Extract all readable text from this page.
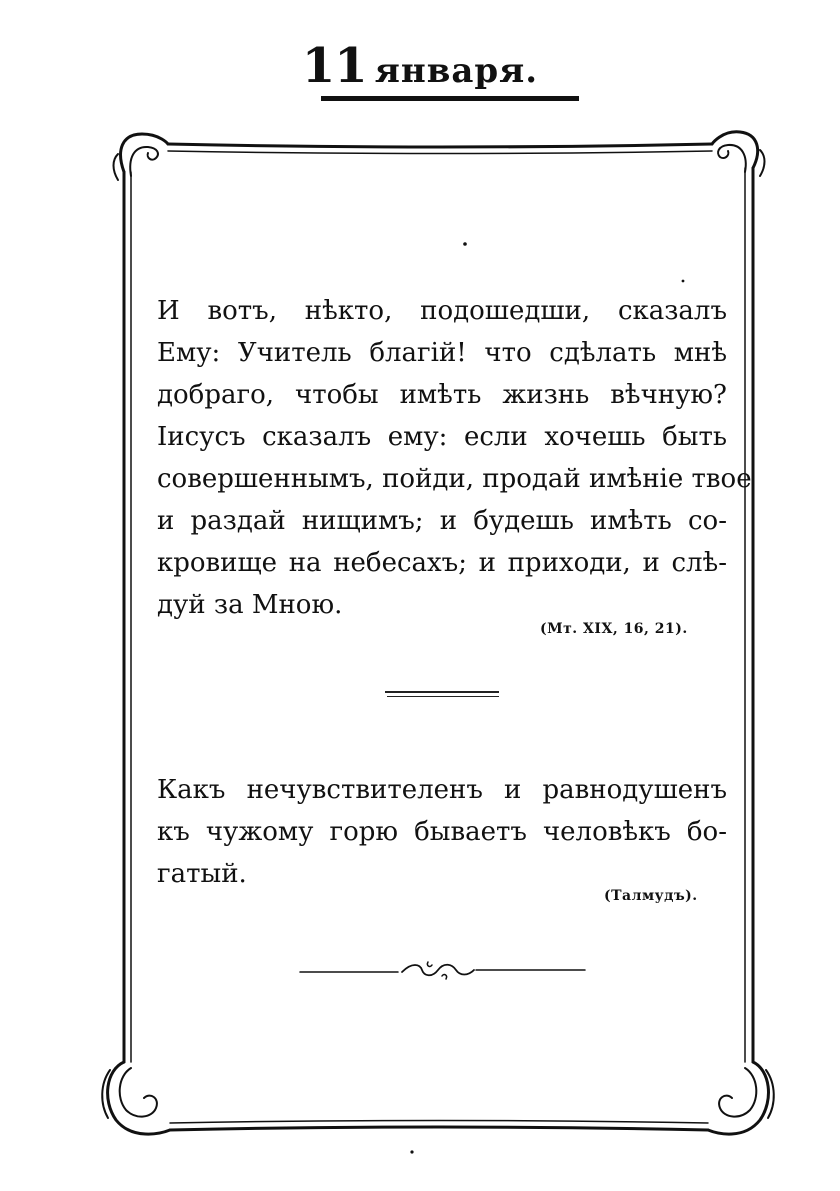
11 января.
И вотъ, нѣкто, подошедши, сказалъ
Ему: Учитель благій! что сдѣлать мнѣ
добраго, чтобы имѣть жизнь вѣчную?
Іисусъ сказалъ ему: если хочешь быть
совершеннымъ, пойди, продай имѣніе твое
и раздай нищимъ; и будешь имѣть со-
кровище на небесахъ; и приходи, и слѣ-
дуй за Мною.
(Мт. XIX, 16, 21).
Какъ нечувствителенъ и равнодушенъ
къ чужому горю бываетъ человѣкъ бо-
гатый.
(Талмудъ).
